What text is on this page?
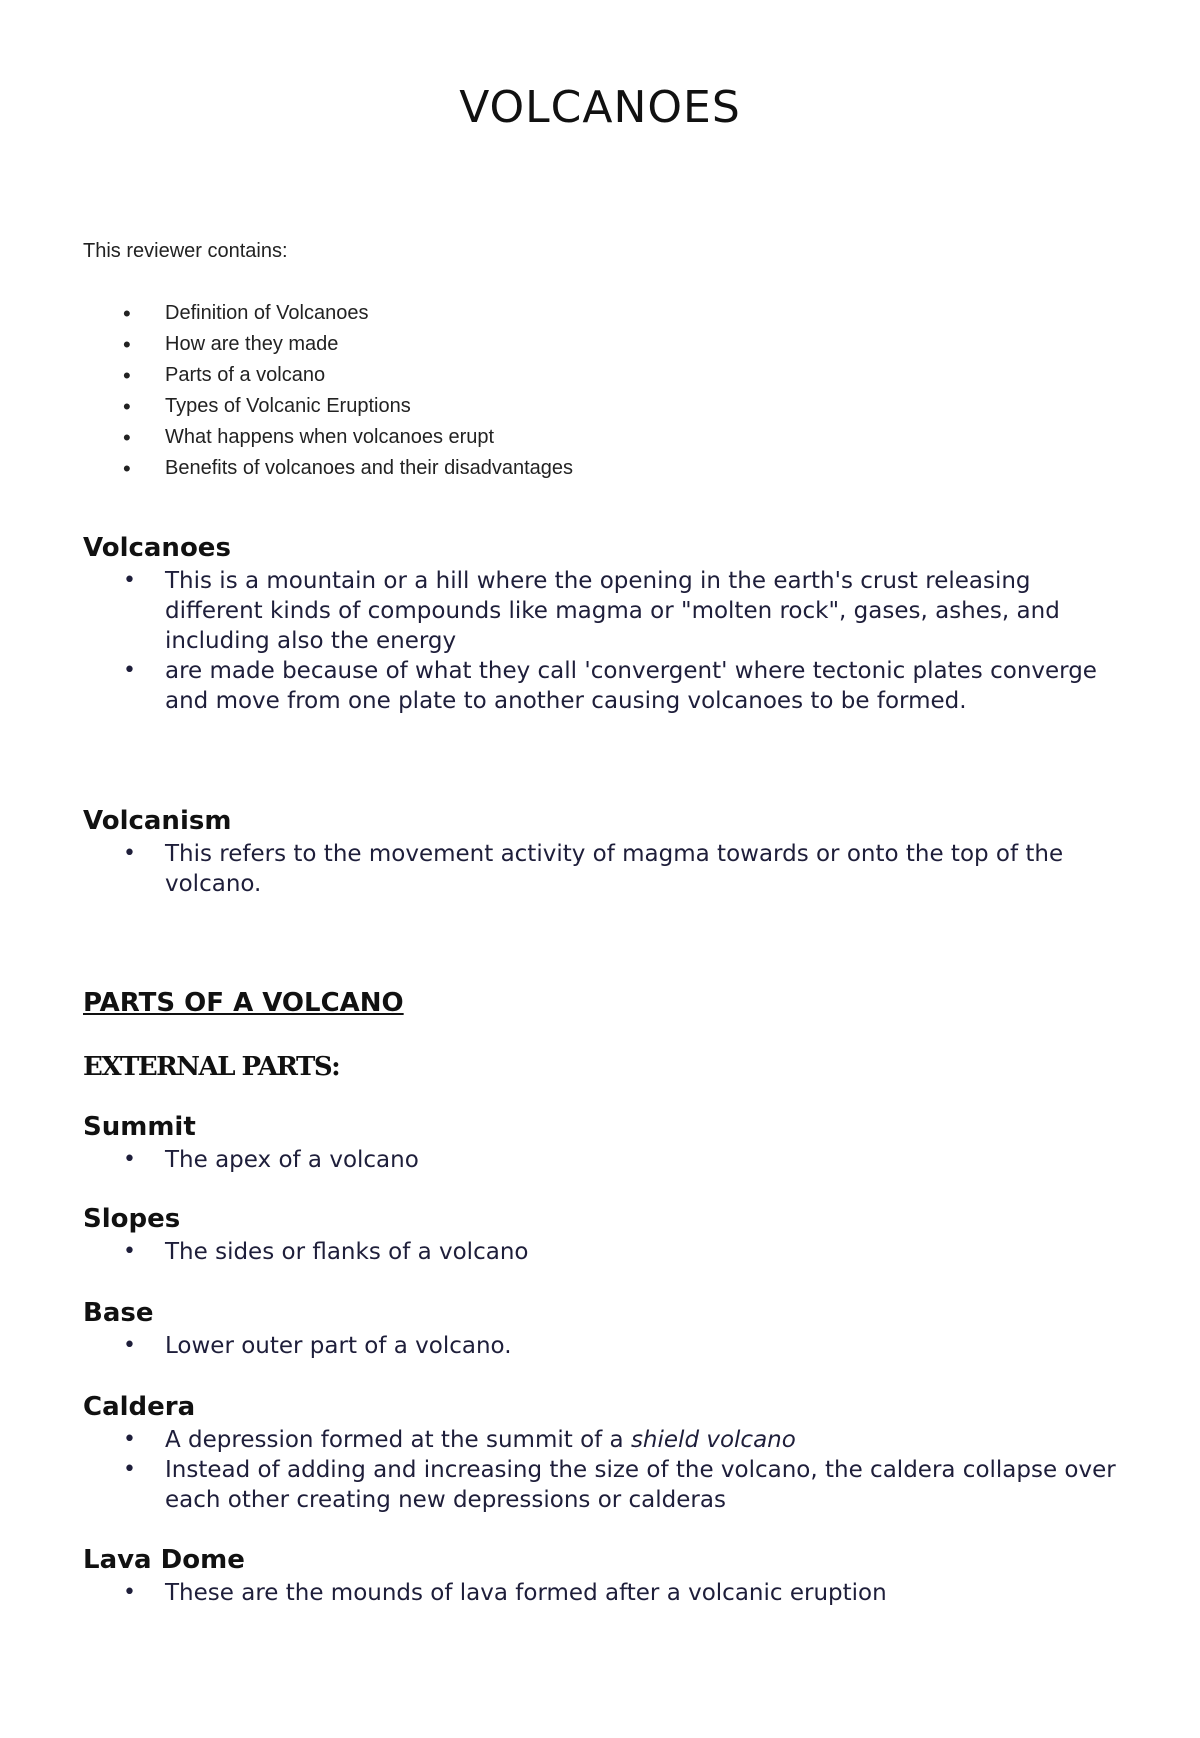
VOLCANOES
This reviewer contains:
• Definition of Volcanoes
• How are they made
• Parts of a volcano
• Types of Volcanic Eruptions
• What happens when volcanoes erupt
• Benefits of volcanoes and their disadvantages
Volcanoes
• This is a mountain or a hill where the opening in the earth's crust releasing different kinds of compounds like magma or "molten rock", gases, ashes, and including also the energy
• are made because of what they call 'convergent' where tectonic plates converge and move from one plate to another causing volcanoes to be formed.
Volcanism
• This refers to the movement activity of magma towards or onto the top of the volcano.
PARTS OF A VOLCANO
EXTERNAL PARTS:
Summit
• The apex of a volcano
Slopes
• The sides or flanks of a volcano
Base
• Lower outer part of a volcano.
Caldera
• A depression formed at the summit of a shield volcano
• Instead of adding and increasing the size of the volcano, the caldera collapse over each other creating new depressions or calderas
Lava Dome
• These are the mounds of lava formed after a volcanic eruption
